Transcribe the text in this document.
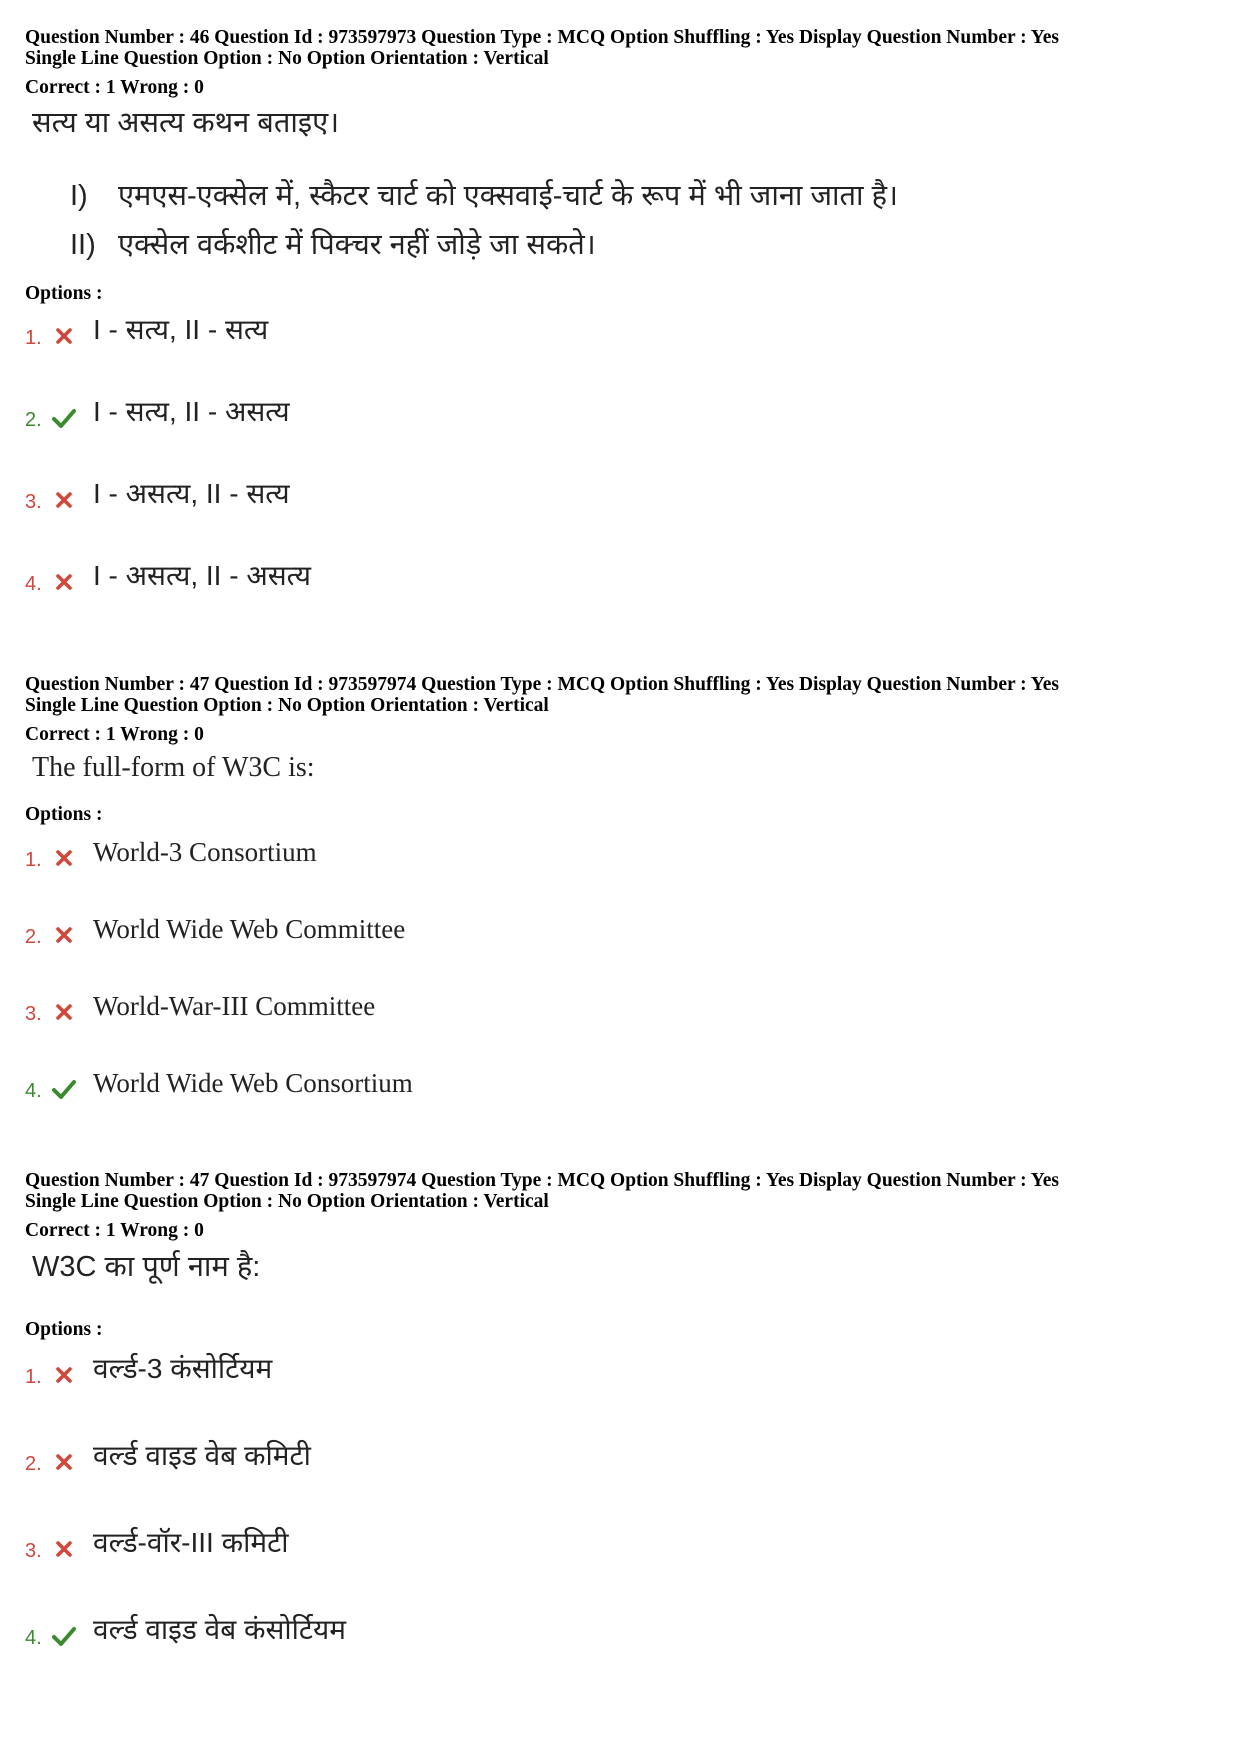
Question Number : 46 Question Id : 973597973 Question Type : MCQ Option Shuffling : Yes Display Question Number : Yes
Single Line Question Option : No Option Orientation : Vertical
Correct : 1 Wrong : 0
सत्य या असत्य कथन बताइए।
I) एमएस-एक्सेल में, स्कैटर चार्ट को एक्सवाई-चार्ट के रूप में भी जाना जाता है।
II) एक्सेल वर्कशीट में पिक्चर नहीं जोड़े जा सकते।
Options :
1. I - सत्य, II - सत्य
2. I - सत्य, II - असत्य
3. I - असत्य, II - सत्य
4. I - असत्य, II - असत्य
Question Number : 47 Question Id : 973597974 Question Type : MCQ Option Shuffling : Yes Display Question Number : Yes
Single Line Question Option : No Option Orientation : Vertical
Correct : 1 Wrong : 0
The full-form of W3C is:
Options :
1. World-3 Consortium
2. World Wide Web Committee
3. World-War-III Committee
4. World Wide Web Consortium
Question Number : 47 Question Id : 973597974 Question Type : MCQ Option Shuffling : Yes Display Question Number : Yes
Single Line Question Option : No Option Orientation : Vertical
Correct : 1 Wrong : 0
W3C का पूर्ण नाम है:
Options :
1. वर्ल्ड-3 कंसोर्टियम
2. वर्ल्ड वाइड वेब कमिटी
3. वर्ल्ड-वॉर-III कमिटी
4. वर्ल्ड वाइड वेब कंसोर्टियम
